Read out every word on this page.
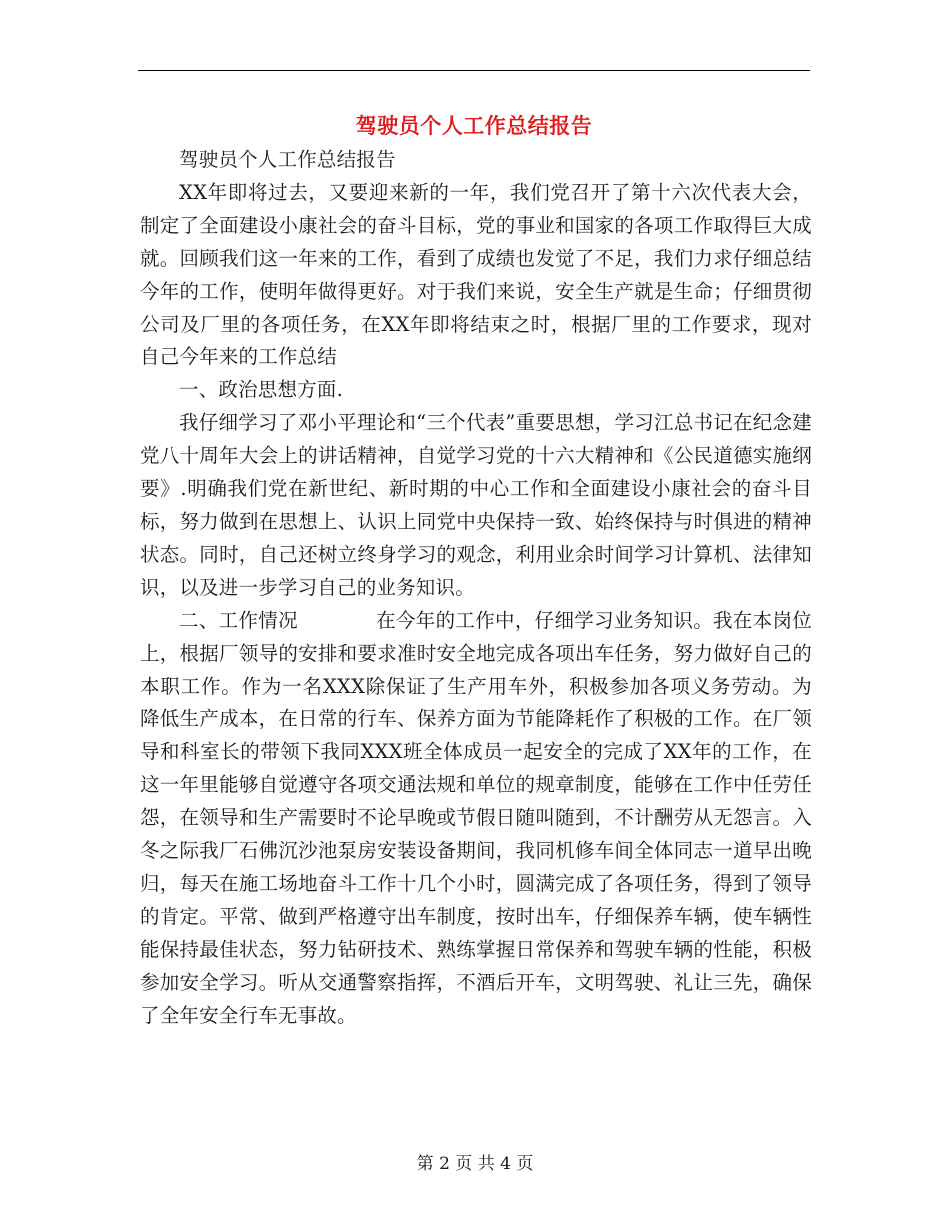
驾驶员个人工作总结报告

驾驶员个人工作总结报告

XX年即将过去，又要迎来新的一年，我们党召开了第十六次代表大会，制定了全面建设小康社会的奋斗目标，党的事业和国家的各项工作取得巨大成就。回顾我们这一年来的工作，看到了成绩也发觉了不足，我们力求仔细总结今年的工作，使明年做得更好。对于我们来说，安全生产就是生命；仔细贯彻公司及厂里的各项任务，在XX年即将结束之时，根据厂里的工作要求，现对自己今年来的工作总结

一、政治思想方面.

我仔细学习了邓小平理论和“三个代表”重要思想，学习江总书记在纪念建党八十周年大会上的讲话精神，自觉学习党的十六大精神和《公民道德实施纲要》.明确我们党在新世纪、新时期的中心工作和全面建设小康社会的奋斗目标，努力做到在思想上、认识上同党中央保持一致、始终保持与时俱进的精神状态。同时，自己还树立终身学习的观念，利用业余时间学习计算机、法律知识，以及进一步学习自己的业务知识。

二、工作情况            在今年的工作中，仔细学习业务知识。我在本岗位上，根据厂领导的安排和要求准时安全地完成各项出车任务，努力做好自己的本职工作。作为一名XXX除保证了生产用车外，积极参加各项义务劳动。为降低生产成本，在日常的行车、保养方面为节能降耗作了积极的工作。在厂领导和科室长的带领下我同XXX班全体成员一起安全的完成了XX年的工作，在这一年里能够自觉遵守各项交通法规和单位的规章制度，能够在工作中任劳任怨，在领导和生产需要时不论早晚或节假日随叫随到，不计酬劳从无怨言。入冬之际我厂石佛沉沙池泵房安装设备期间，我同机修车间全体同志一道早出晚归，每天在施工场地奋斗工作十几个小时，圆满完成了各项任务，得到了领导的肯定。平常、做到严格遵守出车制度，按时出车，仔细保养车辆，使车辆性能保持最佳状态，努力钻研技术、熟练掌握日常保养和驾驶车辆的性能，积极参加安全学习。听从交通警察指挥，不酒后开车，文明驾驶、礼让三先，确保了全年安全行车无事故。

第 2 页 共 4 页
